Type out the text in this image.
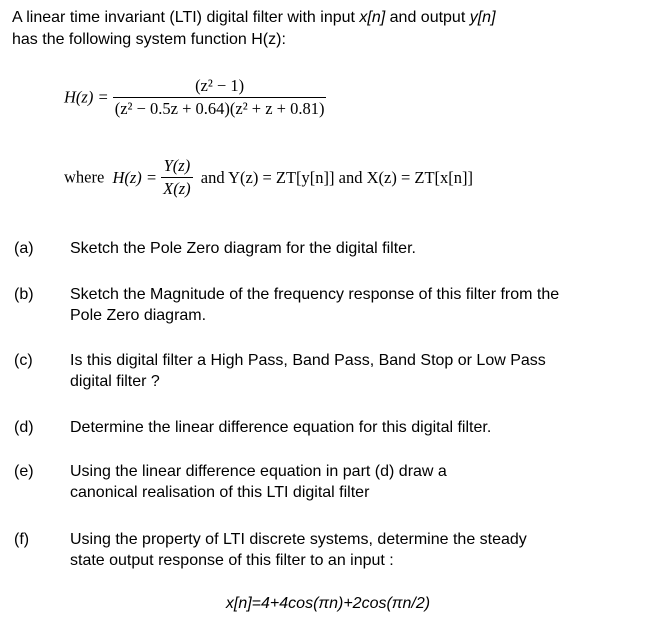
A linear time invariant (LTI) digital filter with input x[n] and output y[n]
has the following system function H(z):
$H(z) = \frac{\text{(z² − 1)}}{\text{(z² − 0.5z + 0.64)(z² + z + 0.81)}}$
where $H(z) = \frac{Y(z)}{X(z)}$ and Y(z) = ZT[y[n]] and X(z) = ZT[x[n]]
(a) Sketch the Pole Zero diagram for the digital filter.
(b) Sketch the Magnitude of the frequency response of this filter from the Pole Zero diagram.
(c) Is this digital filter a High Pass, Band Pass, Band Stop or Low Pass digital filter ?
(d) Determine the linear difference equation for this digital filter.
(e) Using the linear difference equation in part (d) draw a canonical realisation of this LTI digital filter
(f)	Using the property of LTI discrete systems, determine the steady state output response of this filter to an input :
x[n]=4+4cos(πn)+2cos(πn/2)
